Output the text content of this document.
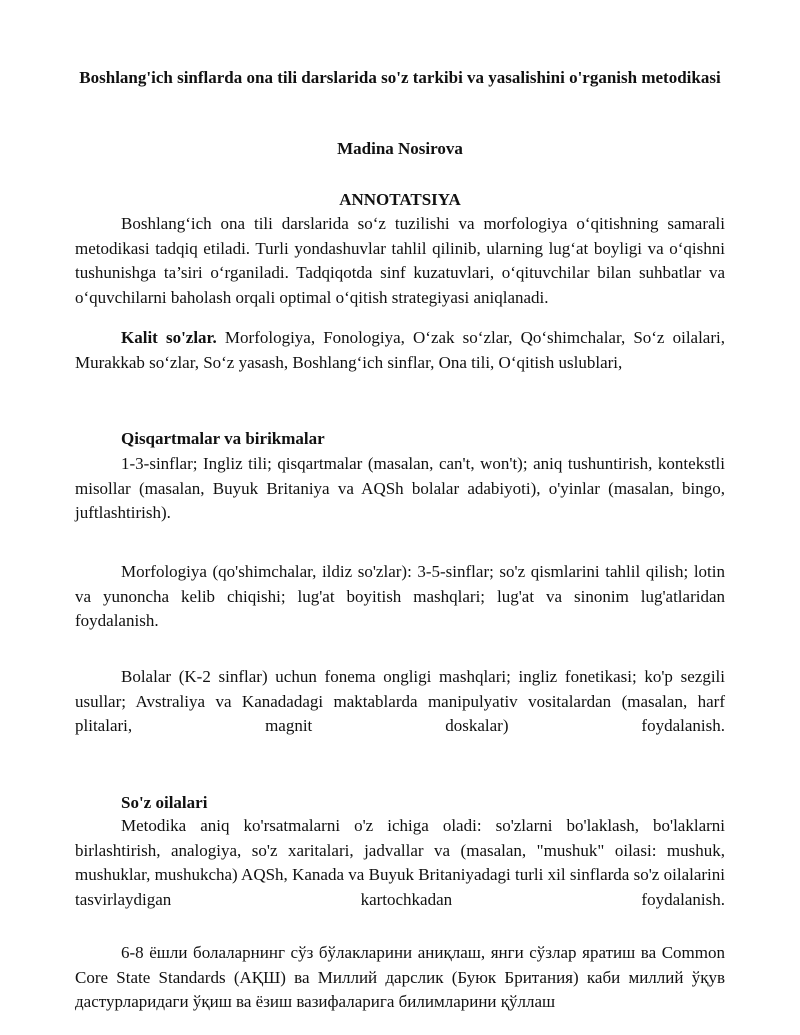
Boshlang'ich sinflarda ona tili darslarida so'z tarkibi va yasalishini o'rganish metodikasi
Madina Nosirova
ANNOTATSIYA

Boshlang‘ich ona tili darslarida so‘z tuzilishi va morfologiya o‘qitishning samarali metodikasi tadqiq etiladi. Turli yondashuvlar tahlil qilinib, ularning lug‘at boyligi va o‘qishni tushunishga ta’siri o‘rganiladi. Tadqiqotda sinf kuzatuvlari, o‘qituvchilar bilan suhbatlar va o‘quvchilarni baholash orqali optimal o‘qitish strategiyasi aniqlanadi.

Kalit so'zlar. Morfologiya, Fonologiya, O‘zak so‘zlar, Qo‘shimchalar, So‘z oilalari, Murakkab so‘zlar, So‘z yasash, Boshlang‘ich sinflar, Ona tili, O‘qitish uslublari,

Qisqartmalar va birikmalar

1-3-sinflar; Ingliz tili; qisqartmalar (masalan, can't, won't); aniq tushuntirish, kontekstli misollar (masalan, Buyuk Britaniya va AQSh bolalar adabiyoti), o'yinlar (masalan, bingo, juftlashtirish).

Morfologiya (qo'shimchalar, ildiz so'zlar): 3-5-sinflar; so'z qismlarini tahlil qilish; lotin va yunoncha kelib chiqishi; lug'at boyitish mashqlari; lug'at va sinonim lug'atlaridan foydalanish.

Bolalar (K-2 sinflar) uchun fonema ongligi mashqlari; ingliz fonetikasi; ko'p sezgili usullar; Avstraliya va Kanadadagi maktablarda manipulyativ vositalardan (masalan, harf plitalari, magnit doskalar) foydalanish.

So'z oilalari

Metodika aniq ko'rsatmalarni o'z ichiga oladi: so'zlarni bo'laklash, bo'laklarni birlashtirish, analogiya, so'z xaritalari, jadvallar va (masalan, "mushuk" oilasi: mushuk, mushuklar, mushukcha) AQSh, Kanada va Buyuk Britaniyadagi turli xil sinflarda so'z oilalarini tasvirlaydigan kartochkadan foydalanish.

6-8 ёшли болаларнинг сўз бўлакларини аниқлаш, янги сўзлар яратиш ва Common Core State Standards (АҚШ) ва Миллий дарслик (Буюк Британия) каби миллий ўқув дастурларидаги ўқиш ва ёзиш вазифаларига билимларини қўллаш
